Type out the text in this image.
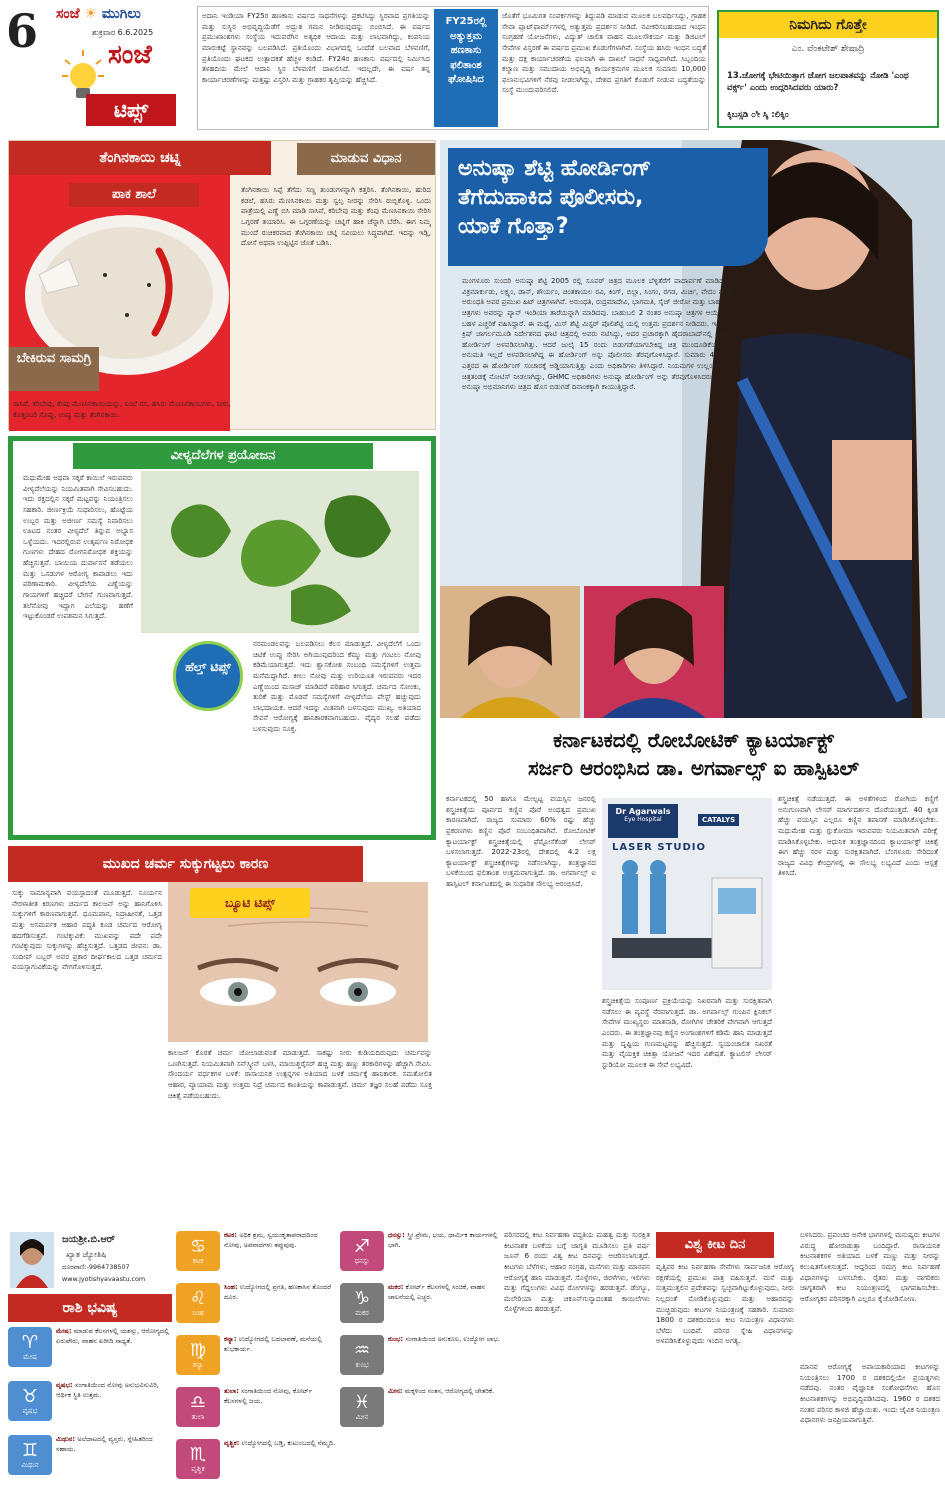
6 ಸಂಜೆ ☀ ಮುಗಿಲು
ಶುಕ್ರವಾರ 6.6.2025
ಸಂಜೆ
ಟಿಪ್ಸ್
ಅದಾನಿ ಇಂಡಿಯಾ FY25ರ ಹಣಕಾಸು ವರ್ಷದ ಸಾಧನೆಗಳನ್ನು ಪ್ರಕಟಿಸಿದ್ದು ಸ್ಥಿರವಾದ ಪ್ರಗತಿಯನ್ನು ಮತ್ತು ಸುಸ್ಥಿರ ಅಭಿವೃದ್ಧಿಯೆಡೆಗೆ ಅದ್ಭುತ ಗಮನ ನೀಡಿರುವುದನ್ನು ಬಿಂಬಿಸಿದೆ. ಈ ವರ್ಷದ ಪ್ರಮುಖಾಂಶಗಳು ಸಂಸ್ಥೆಯ ಇದುವರೆಗಿನ ಅತ್ಯಧಿಕ ಆದಾಯ ಮತ್ತು ಲಾಭವಾಗಿದ್ದು, ಕಂಪನಿಯ ಮಾರುಕಟ್ಟೆ ಸ್ಥಾನವನ್ನು ಬಲಪಡಿಸಿದೆ. ಪ್ರತಿಯೊಂದು ವಿಭಾಗದಲ್ಲಿ ಒಂದೆಡೆ ಬಲವಾದ ಬೆಳವಣಿಗೆ, ಪ್ರತಿಯೊಂದು ಘಟಕದ ಉತ್ಪಾದಕತೆ ಹೆಚ್ಚಳ ಕಂಡಿದೆ. FY24ರ ಹಣಕಾಸು ವರ್ಷದಲ್ಲಿ ನಿರ್ಮಿಸಿದ ತಳಹದಿಯ ಮೇಲೆ ಆದಾನಿ ಸ್ಥಿರ ಬೆಳವಣಿಗೆ ದಾಖಲಿಸಿದೆ. ಇದಲ್ಲದೇ, ಈ ವರ್ಷ ತನ್ನ ಕಾರ್ಯಾಚರಣೆಗಳನ್ನು ಮತ್ತಷ್ಟು ವಿಸ್ತರಿಸಿ ಮತ್ತು ಗ್ರಾಹಕರ ತೃಪ್ತಿಯನ್ನು ಹೆಚ್ಚಿಸಿದೆ.
FY25ರಲ್ಲಿ ಅತ್ಯುತ್ತಮ ಹಣಕಾಸು ಫಲಿತಾಂಶ ಘೋಷಿಸಿದ
ಜೊತೆಗೆ ಭೂಮಿಗತ ಸಂಪರ್ಕಗಳನ್ನು ತಿದ್ದುಪಡಿ ಮಾಡುವ ಮೂಲಕ ಬಲವರ್ಧಿಸಿದ್ದು, ಗ್ರಾಹಕ ಸೇವಾ ಪ್ಲಾಟ್‌ಫಾರ್ಮ್‌ಗಳಲ್ಲಿ ಅತ್ಯುತ್ತಮ ಪ್ರದರ್ಶನ ನೀಡಿದೆ. ನವೀಕರಿಸಬಹುದಾದ ಇಂಧನ ಸಂಗ್ರಹಣೆ ಯೋಜನೆಗಳು, ವಿದ್ಯುತ್ ಚಾಲಿತ ವಾಹನ ಮೂಲಸೌಕರ್ಯ ಮತ್ತು ಡಿಜಿಟಲ್ ಸೇವೆಗಳ ವಿಸ್ತರಣೆ ಈ ವರ್ಷದ ಪ್ರಮುಖ ಕೊಡುಗೆಗಳಾಗಿವೆ. ಸಂಸ್ಥೆಯ ಹಸಿರು ಇಂಧನ ಬದ್ಧತೆ ಮತ್ತು ದಕ್ಷ ಕಾರ್ಯಾಚರಣೆಯ ಫಲವಾಗಿ ಈ ದಾಖಲೆ ಸಾಧನೆ ಸಾಧ್ಯವಾಗಿದೆ. ಸಿಬ್ಬಂದಿಯ ಕಲ್ಯಾಣ ಮತ್ತು ಸಮುದಾಯ ಅಭಿವೃದ್ಧಿ ಕಾರ್ಯಕ್ರಮಗಳ ಮೂಲಕ ಸುಮಾರು 10,000 ಫಲಾನುಭವಿಗಳಿಗೆ ನೆರವು ನೀಡಲಾಗಿದ್ದು, ದೇಶದ ಪ್ರಗತಿಗೆ ಕೊಡುಗೆ ನೀಡುವ ಬದ್ಧತೆಯನ್ನು ಸಂಸ್ಥೆ ಮುಂದುವರಿಸಲಿದೆ.
ನಿಮಗಿದು ಗೊತ್ತೇ
ಎಂ. ವೆಂಕಟೇಶ್ ಶೇಷಾದ್ರಿ
13.ಜೋಗಕ್ಕೆ ಭೇಟಿಯಿತ್ತಾಗ ಜೋಗ ಜಲಪಾತವನ್ನು ನೋಡಿ 'ಎಂಥ ವರ್ಕ್ಸ್' ಎಂದು ಉದ್ಗರಿಸಿದವರು ಯಾರು?
ಕ್ಕಿಬಸ್ಸಡಿ ೦ೀ ಸ್ಕಿ :ಲಿಕ್ಕಿಂ
ತೆಂಗಿನಕಾಯಿ ಚಟ್ನಿ	ಮಾಡುವ ವಿಧಾನ
ಪಾಕ ಶಾಲೆ
ಬೇಕಿರುವ ಸಾಮಗ್ರಿ
ಸಾಸಿವೆ, ಕರಿಬೇವು, ಕೆಂಪು ಮೆಣಸಿನಕಾಯಿಯನ್ನು, ನಿಂಬೆ ರಸ, ಹಸಿರು ಮೆಣಸಿನಕಾಯಿಗಳು, ನೀರು, ಕೊತ್ತಂಬರಿ ಸೊಪ್ಪು, ಉಪ್ಪು ಮತ್ತು ತೆಂಗಿನಕಾಯಿ.
ತೆಂಗಿನಕಾಯಿ ಸಿಪ್ಪೆ ತೆಗೆದು ಸಣ್ಣ ತುಂಡುಗಳನ್ನಾಗಿ ಕತ್ತರಿಸಿ. ತೆಂಗಿನಕಾಯಿ, ಹುರಿದ ಕಡಲೆ, ಹಸಿರು ಮೆಣಸಿನಕಾಯಿ ಮತ್ತು ಸ್ವಲ್ಪ ನೀರನ್ನು ಸೇರಿಸಿ ರುಬ್ಬಿಕೊಳ್ಳಿ. ಒಂದು ಪಾತ್ರೆಯಲ್ಲಿ ಎಣ್ಣೆ ಬಿಸಿ ಮಾಡಿ ಸಾಸಿವೆ, ಕರಿಬೇವು ಮತ್ತು ಕೆಂಪು ಮೆಣಸಿನಕಾಯಿ ಸೇರಿಸಿ ಒಗ್ಗರಣೆ ತಯಾರಿಸಿ. ಈ ಒಗ್ಗರಣೆಯನ್ನು ಚಟ್ನಿಗೆ ಹಾಕಿ ಚೆನ್ನಾಗಿ ಬೆರೆಸಿ. ಈಗ ನಿಮ್ಮ ಮುಂದೆ ರುಚಿಕರವಾದ ತೆಂಗಿನಕಾಯಿ ಚಟ್ನಿ ಸವಿಯಲು ಸಿದ್ಧವಾಗಿದೆ. ಇದನ್ನು ಇಡ್ಲಿ, ದೋಸೆ ಅಥವಾ ಉಪ್ಪಿಟ್ಟಿನ ಜೊತೆ ಬಡಿಸಿ.
ಅನುಷ್ಕಾ ಶೆಟ್ಟಿ ಹೋರ್ಡಿಂಗ್
ತೆಗೆದುಹಾಕಿದ ಪೊಲೀಸರು,
ಯಾಕೆ ಗೊತ್ತಾ?
ಮಂಗಳೂರು ಸುಂದರಿ ಅನುಷ್ಕಾ ಶೆಟ್ಟಿ 2005 ರಲ್ಲಿ ಸೂಪರ್ ಚಿತ್ರದ ಮೂಲಕ ಬೆಳ್ಳಿತೆರೆಗೆ ಪಾದಾರ್ಪಣೆ ಮಾಡಿದರು. ವಿಕ್ರಮಾರ್ಕುಡು, ಲಕ್ಷ್ಯಂ, ಡಾನ್, ಶೌರ್ಯಂ, ಚಿಂತಕಾಯಲ ರವಿ, ಕಿಂಗ್, ಬಿಲ್ಲಾ, ಸಿಂಗಂ, ರಗಡ, ಮಿರ್ಚಿ, ವೇದಂ ಮತ್ತು ಅರುಂಧತಿ ಅವರ ಪ್ರಮುಖ ಹಿಟ್ ಚಿತ್ರಗಳಾಗಿವೆ. ಅರುಂಧತಿ, ರುದ್ರಮಾದೇವಿ, ಭಾಗಮತಿ, ಸೈಜ್ ಜೀರೋ ಮತ್ತು ಬಾಹುಬಲಿ ಚಿತ್ರಗಳು ಅವರನ್ನು ಪ್ಯಾನ್ ಇಂಡಿಯಾ ತಾರೆಯನ್ನಾಗಿ ಮಾಡಿದವು. ಬಾಹುಬಲಿ 2 ನಂತರ ಅನುಷ್ಕಾ ಚಿತ್ರಗಳ ಆಯ್ಕೆಯಲ್ಲಿ ಬಹಳ ಎಚ್ಚರಿಕೆ ವಹಿಸಿದ್ದಾರೆ. ಈ ಮಧ್ಯೆ, ಮಿಸ್ ಶೆಟ್ಟಿ ಮಿಸ್ಟರ್ ಪೊಲಿಶೆಟ್ಟಿ ಯಲ್ಲಿ ಉತ್ತಮ ಪ್ರದರ್ಶನ ನೀಡಿದರು. ಇತ್ತೀಚೆಗೆ ಕ್ರಿಷ್ ಜಾಗರ್ಲಮೂಡಿ ನಿರ್ದೇಶನದ ಘಾಟಿ ಚಿತ್ರದಲ್ಲಿ ಅವರು ನಟಿಸಿದ್ದು, ಅದರ ಪ್ರಚಾರಕ್ಕಾಗಿ ಹೈದರಾಬಾದ್‌ನಲ್ಲಿ ಬೃಹತ್ ಹೋರ್ಡಿಂಗ್ ಅಳವಡಿಸಲಾಗಿತ್ತು. ಆದರೆ ಜುಲೈ 15 ರಂದು ಬಿಡುಗಡೆಯಾಗಬೇಕಿದ್ದ ಚಿತ್ರ ಮುಂದೂಡಿಕೆಯಾಗಿದೆ. ಅನುಮತಿ ಇಲ್ಲದೆ ಅಳವಡಿಸಲಾಗಿದ್ದ ಈ ಹೋರ್ಡಿಂಗ್ ಅನ್ನು ಪೊಲೀಸರು ತೆರವುಗೊಳಿಸಿದ್ದಾರೆ. ಸುಮಾರು 40 ಅಡಿ ಎತ್ತರದ ಈ ಹೋರ್ಡಿಂಗ್ ಸಂಚಾರಕ್ಕೆ ಅಡ್ಡಿಯಾಗುತ್ತಿತ್ತು ಎಂದು ಅಧಿಕಾರಿಗಳು ತಿಳಿಸಿದ್ದಾರೆ. ನಿಯಮಗಳ ಉಲ್ಲಂಘನೆಗಾಗಿ ಚಿತ್ರತಂಡಕ್ಕೆ ನೋಟಿಸ್ ನೀಡಲಾಗಿದ್ದು, GHMC ಅಧಿಕಾರಿಗಳು ಅನುಷ್ಕಾ ಹೋರ್ಡಿಂಗ್ ಅನ್ನು ತೆರವುಗೊಳಿಸಿದರು. ಇದೀಗ ಅನುಷ್ಕಾ ಅಭಿಮಾನಿಗಳು ಚಿತ್ರದ ಹೊಸ ಬಿಡುಗಡೆ ದಿನಾಂಕಕ್ಕಾಗಿ ಕಾಯುತ್ತಿದ್ದಾರೆ.
ವೀಳ್ಯದೆಲೆಗಳ ಪ್ರಯೋಜನ
ಹೆಲ್ತ್ ಟಿಪ್ಸ್
ಮಧುಮೇಹ ಅಥವಾ ಸಕ್ಕರೆ ಕಾಯಿಲೆ ಇರುವವರು ವೀಳ್ಯದೆಲೆಯನ್ನು ನಿಯಮಿತವಾಗಿ ಸೇವಿಸಬಹುದು. ಇದು ರಕ್ತದಲ್ಲಿನ ಸಕ್ಕರೆ ಮಟ್ಟವನ್ನು ನಿಯಂತ್ರಿಸಲು ಸಹಕಾರಿ. ಜೀರ್ಣಕ್ರಿಯೆ ಸುಧಾರಿಸಲು, ಹೊಟ್ಟೆಯ ಉಬ್ಬರ ಮತ್ತು ಅಜೀರ್ಣ ಸಮಸ್ಯೆ ನಿವಾರಿಸಲು ಊಟದ ನಂತರ ವೀಳ್ಯದೆಲೆ ತಿನ್ನುವ ಅಭ್ಯಾಸ ಒಳ್ಳೆಯದು. ಇದರಲ್ಲಿರುವ ಉತ್ಕರ್ಷಣ ನಿರೋಧಕ ಗುಣಗಳು ದೇಹದ ರೋಗನಿರೋಧಕ ಶಕ್ತಿಯನ್ನು ಹೆಚ್ಚಿಸುತ್ತವೆ. ಬಾಯಿಯ ದುರ್ವಾಸನೆ ತಡೆಯಲು ಮತ್ತು ಒಸಡುಗಳ ಆರೋಗ್ಯ ಕಾಪಾಡಲು ಇದು ಪರಿಣಾಮಕಾರಿ. ವೀಳ್ಯದೆಲೆಯ ಎಣ್ಣೆಯನ್ನು ಗಾಯಗಳಿಗೆ ಹಚ್ಚಿದರೆ ಬೇಗನೆ ಗುಣವಾಗುತ್ತದೆ. ತಲೆನೋವು ಇದ್ದಾಗ ಎಲೆಯನ್ನು ಹಣೆಗೆ ಇಟ್ಟುಕೊಂಡರೆ ಉಪಶಮನ ಸಿಗುತ್ತದೆ.
ನರಮಂಡಲವನ್ನು ಬಲಪಡಿಸಲು ಕೆಲಸ ಮಾಡುತ್ತದೆ. ವೀಳ್ಯದೆಲೆಗೆ ಒಂದು ಚಿಟಿಕೆ ಉಪ್ಪು ಸೇರಿಸಿ ಅಗಿಯುವುದರಿಂದ ಕೆಮ್ಮು ಮತ್ತು ಗಂಟಲು ನೋವು ಕಡಿಮೆಯಾಗುತ್ತದೆ. ಇದು ಶ್ವಾಸಕೋಶ ಸಂಬಂಧಿ ಸಮಸ್ಯೆಗಳಿಗೆ ಉತ್ತಮ ಮನೆಮದ್ದಾಗಿದೆ. ಕೀಲು ನೋವು ಮತ್ತು ಉರಿಯೂತ ಇರುವವರು ಇದರ ಎಣ್ಣೆಯಿಂದ ಮಸಾಜ್ ಮಾಡಿದರೆ ಪರಿಹಾರ ಸಿಗುತ್ತದೆ. ಚರ್ಮದ ಸೋಂಕು, ತುರಿಕೆ ಮತ್ತು ಮೊಡವೆ ಸಮಸ್ಯೆಗಳಿಗೆ ವೀಳ್ಯದೆಲೆಯ ಪೇಸ್ಟ್ ಹಚ್ಚುವುದು ಲಾಭದಾಯಕ. ಆದರೆ ಇದನ್ನು ಮಿತವಾಗಿ ಬಳಸುವುದು ಮುಖ್ಯ. ಅತಿಯಾದ ಸೇವನೆ ಆರೋಗ್ಯಕ್ಕೆ ಹಾನಿಕಾರಕವಾಗಬಹುದು. ವೈದ್ಯರ ಸಲಹೆ ಪಡೆದು ಬಳಸುವುದು ಸೂಕ್ತ.
ಮುಖದ ಚರ್ಮ ಸುಕ್ಕುಗಟ್ಟಲು ಕಾರಣ
ಬ್ಯೂಟಿ ಟಿಪ್ಸ್
ಸುಕ್ಕು ಸಾಮಾನ್ಯವಾಗಿ ವಯಸ್ಸಾದಂತೆ ಮೂಡುತ್ತದೆ. ಸೂರ್ಯನ ನೇರಳಾತೀತ ಕಿರಣಗಳು ಚರ್ಮದ ಕಾಲಜನ್ ಅನ್ನು ಹಾನಿಗೊಳಿಸಿ ಸುಕ್ಕುಗಳಿಗೆ ಕಾರಣವಾಗುತ್ತವೆ. ಧೂಮಪಾನ, ನಿದ್ರಾಹೀನತೆ, ಒತ್ತಡ ಮತ್ತು ಅಸಮರ್ಪಕ ಆಹಾರ ಪದ್ಧತಿ ಕೂಡ ಚರ್ಮದ ಆರೋಗ್ಯ ಹದಗೆಡಿಸುತ್ತವೆ. ಗಂಟಿಕ್ಕುವಿಕೆ: ಮುಖವನ್ನು ಪದೇ ಪದೇ ಗಂಟಿಕ್ಕುವುದು ಸುಕ್ಕುಗಳನ್ನು ಹೆಚ್ಚಿಸುತ್ತದೆ. ಒತ್ತಡದ ಜೀವನ: ಡಾ. ಸಂದೀಪ್ ಬಬ್ಬರ್ ಅವರ ಪ್ರಕಾರ ದೀರ್ಘಕಾಲದ ಒತ್ತಡ ಚರ್ಮದ ವಯಸ್ಸಾಗುವಿಕೆಯನ್ನು ವೇಗಗೊಳಿಸುತ್ತದೆ.
ಕಾಲಜನ್ ಕೊರತೆ ಚರ್ಮ ಜೋಲಾಡುವಂತೆ ಮಾಡುತ್ತದೆ. ಸಾಕಷ್ಟು ನೀರು ಕುಡಿಯದಿರುವುದು ಚರ್ಮವನ್ನು ಒಣಗಿಸುತ್ತದೆ. ನಿಯಮಿತವಾಗಿ ಸನ್‌ಸ್ಕ್ರೀನ್ ಬಳಸಿ, ಮಾಯಿಶ್ಚರೈಸರ್ ಹಚ್ಚಿ ಮತ್ತು ಹಣ್ಣು ತರಕಾರಿಗಳನ್ನು ಹೆಚ್ಚಾಗಿ ಸೇವಿಸಿ. ಸೌಂದರ್ಯ ವರ್ಧಕಗಳ ಬಳಕೆ: ರಾಸಾಯನಿಕ ಉತ್ಪನ್ನಗಳ ಅತಿಯಾದ ಬಳಕೆ ಚರ್ಮಕ್ಕೆ ಹಾನಿಕಾರಕ. ಸಮತೋಲಿತ ಆಹಾರ, ವ್ಯಾಯಾಮ ಮತ್ತು ಉತ್ತಮ ನಿದ್ರೆ ಚರ್ಮದ ಕಾಂತಿಯನ್ನು ಕಾಪಾಡುತ್ತವೆ. ಚರ್ಮ ತಜ್ಞರ ಸಲಹೆ ಪಡೆದು ಸೂಕ್ತ ಚಿಕಿತ್ಸೆ ಪಡೆಯಬಹುದು.
ಕರ್ನಾಟಕದಲ್ಲಿ ರೋಬೋಟಿಕ್ ಕ್ಯಾಟರ್ಯಾಕ್ಟ್
ಸರ್ಜರಿ ಆರಂಭಿಸಿದ ಡಾ. ಅಗರ್ವಾಲ್ಸ್ ಐ ಹಾಸ್ಪಿಟಲ್
ಕರ್ನಾಟಕದಲ್ಲಿ 50 ಹಾಗೂ ಮೇಲ್ಪಟ್ಟ ವಯಸ್ಸಿನ ಜನರಲ್ಲಿ ಶಸ್ತ್ರಚಿಕಿತ್ಸೆಯ ಪೂರ್ವದ ಕಣ್ಣಿನ ಪೊರೆ ಅಂಧತ್ವದ ಪ್ರಮುಖ ಕಾರಣವಾಗಿದೆ. ರಾಜ್ಯದ ಸುಮಾರು 60% ರಷ್ಟು ಹೆಚ್ಚು ಪ್ರಕರಣಗಳು ಕಣ್ಣಿನ ಪೊರೆ ಸಂಬಂಧಿತವಾಗಿವೆ. ರೋಬೋಟಿಕ್ ಕ್ಯಾಟರ್ಯಾಕ್ಟ್ ಶಸ್ತ್ರಚಿಕಿತ್ಸೆಯಲ್ಲಿ ಫೆಮ್ಟೋಸೆಕೆಂಡ್ ಲೇಸರ್ ಬಳಸಲಾಗುತ್ತದೆ. 2022-23ರಲ್ಲಿ ದೇಶದಲ್ಲಿ 4.2 ಲಕ್ಷ ಕ್ಯಾಟರ್ಯಾಕ್ಟ್ ಶಸ್ತ್ರಚಿಕಿತ್ಸೆಗಳನ್ನು ನಡೆಸಲಾಗಿದ್ದು, ತಂತ್ರಜ್ಞಾನದ ಬಳಕೆಯಿಂದ ಫಲಿತಾಂಶ ಉತ್ತಮವಾಗುತ್ತಿದೆ. ಡಾ. ಅಗರ್ವಾಲ್ಸ್ ಐ ಹಾಸ್ಪಿಟಲ್ ಕರ್ನಾಟಕದಲ್ಲಿ ಈ ಸುಧಾರಿತ ಸೌಲಭ್ಯ ಆರಂಭಿಸಿದೆ.
Dr Agarwals
Eye Hospital	CATALYS
LASER STUDIO
ಶಸ್ತ್ರಚಿಕಿತ್ಸೆಯ ಸಂಪೂರ್ಣ ಪ್ರಕ್ರಿಯೆಯನ್ನು ನಿಖರವಾಗಿ ಮತ್ತು ಸುರಕ್ಷಿತವಾಗಿ ನಡೆಸಲು ಈ ವ್ಯವಸ್ಥೆ ನೆರವಾಗುತ್ತದೆ. ಡಾ. ಅಗರ್ವಾಲ್ಸ್ ಗುಂಪಿನ ಕ್ಲಿನಿಕಲ್ ಸೇವೆಗಳ ಮುಖ್ಯಸ್ಥರು ಮಾತನಾಡಿ, ರೋಗಿಗಳ ಚೇತರಿಕೆ ವೇಗವಾಗಿ ಆಗುತ್ತದೆ ಎಂದರು. ಈ ತಂತ್ರಜ್ಞಾನವು ಕಣ್ಣಿನ ಅಂಗಾಂಶಗಳಿಗೆ ಕಡಿಮೆ ಹಾನಿ ಮಾಡುತ್ತದೆ ಮತ್ತು ದೃಷ್ಟಿಯ ಗುಣಮಟ್ಟವನ್ನು ಹೆಚ್ಚಿಸುತ್ತದೆ. ಸ್ವಯಂಚಾಲಿತ ನಿಖರತೆ ಮತ್ತು ವೈಯಕ್ತಿಕ ಚಿಕಿತ್ಸಾ ಯೋಜನೆ ಇದರ ವಿಶೇಷತೆ. ಕ್ಯಾಟಲಿಸ್ ಲೇಸರ್ ಸ್ಟುಡಿಯೋ ಮೂಲಕ ಈ ಸೇವೆ ಲಭ್ಯವಿದೆ.
ಶಸ್ತ್ರಚಿಕಿತ್ಸೆ ನಡೆಯುತ್ತದೆ. ಈ ಅಳತೆಗಳಿಂದ ರೋಗಿಯ ಕಣ್ಣಿಗೆ ಅನುಗುಣವಾಗಿ ಲೇಸರ್ ಮಾರ್ಗದರ್ಶನ ದೊರೆಯುತ್ತದೆ. 40 ಕ್ಕಿಂತ ಹೆಚ್ಚು ವಯಸ್ಸಿನ ಎಲ್ಲರೂ ಕಣ್ಣಿನ ತಪಾಸಣೆ ಮಾಡಿಸಿಕೊಳ್ಳಬೇಕು. ಮಧುಮೇಹ ಮತ್ತು ಗ್ಲುಕೋಮಾ ಇರುವವರು ನಿಯಮಿತವಾಗಿ ಪರೀಕ್ಷೆ ಮಾಡಿಸಿಕೊಳ್ಳಬೇಕು. ಆಧುನಿಕ ತಂತ್ರಜ್ಞಾನದಿಂದ ಕ್ಯಾಟರ್ಯಾಕ್ಟ್ ಚಿಕಿತ್ಸೆ ಈಗ ಹೆಚ್ಚು ಸರಳ ಮತ್ತು ಸುರಕ್ಷಿತವಾಗಿದೆ. ಬೆಂಗಳೂರು ಸೇರಿದಂತೆ ರಾಜ್ಯದ ವಿವಿಧ ಕೇಂದ್ರಗಳಲ್ಲಿ ಈ ಸೌಲಭ್ಯ ಲಭ್ಯವಿದೆ ಎಂದು ಆಸ್ಪತ್ರೆ ತಿಳಿಸಿದೆ.
ಜಯಶ್ರೀ.ಬಿ.ಆರ್
ಖ್ಯಾತ ಜ್ಯೋತಿಷಿ
ದೂರವಾಣಿ:-9964738507
www.jyotishyavaastu.com
ರಾಶಿ ಭವಿಷ್ಯ
♈
ಮೇಷ
ಮೇಷ: ಮಾಡುವ ಕೆಲಸಗಳಲ್ಲಿ ಯಶಸ್ಸು, ಆರೋಗ್ಯದಲ್ಲಿ ಏರುಪೇರು, ವಾಹನ ಖರೀದಿ ಸಾಧ್ಯತೆ.
♉
ವೃಷಭ
ವೃಷಭ: ಸಂಗಾತಿಯಿಂದ ನೋವು ಅನುಭವಿಸುವಿರಿ, ಆರ್ಥಿಕ ಸ್ಥಿತಿ ಉತ್ತಮ.
♊
ಮಿಥುನ
ಮಿಥುನ: ಅಲೆದಾಟದಲ್ಲಿ ವ್ಯಸ್ತರು, ಸ್ನೇಹಿತರಿಂದ ಸಹಾಯ.
♋
ಕಟಕ
ಕಟಕ: ಅಧಿಕ ಶ್ರಮ, ಸ್ವಯಂಕೃತಾಪರಾಧದಿಂದ ನೋವು, ಅಪವಾದಗಳು ತಪ್ಪುವುವು.
♌
ಸಿಂಹ
ಸಿಂಹ: ಉದ್ಯೋಗದಲ್ಲಿ ಪ್ರಗತಿ, ಹಣಕಾಸಿನ ತೊಂದರೆ ದೂರ.
♍
ಕನ್ಯಾ
ಕನ್ಯಾ: ಉದ್ಯೋಗದಲ್ಲಿ ಬದಲಾವಣೆ, ಮನೆಯಲ್ಲಿ ಶುಭಕಾರ್ಯ.
♎
ತುಲಾ
ತುಲಾ: ಸಂಗಾತಿಯಿಂದ ನೋವು, ಕೋರ್ಟ್ ಕೆಲಸಗಳಲ್ಲಿ ಜಯ.
♏
ವೃಶ್ಚಿಕ
ವೃಶ್ಚಿಕ: ಉದ್ಯೋಗದಲ್ಲಿ ಬಡ್ತಿ, ಕುಟುಂಬದಲ್ಲಿ ನೆಮ್ಮದಿ.
♐
ಧನಸ್ಸು
ಧನಸ್ಸು: ಸ್ತ್ರೀ ಪ್ರೇಮ, ಭಯ, ಧಾರ್ಮಿಕ ಕಾರ್ಯಗಳಲ್ಲಿ ಭಾಗಿ.
♑
ಮಕರ
ಮಕರ: ಕೋರ್ಟ್ ಕೆಲಸಗಳಲ್ಲಿ ಸಂಚಿಕೆ, ವಾಹನ ಚಾಲನೆಯಲ್ಲಿ ಎಚ್ಚರ.
♒
ಕುಂಭ
ಕುಂಭ: ಸಂಗಾತಿಯಿಂದ ಅನುಕೂಲ, ಉದ್ಯೋಗ ಲಾಭ.
♓
ಮೀನ
ಮೀನ: ಮಕ್ಕಳಿಂದ ಸಂತಸ, ಆರೋಗ್ಯದಲ್ಲಿ ಚೇತರಿಕೆ.
ಪರಿಸರದಲ್ಲಿ ಕೀಟ ನಿರ್ವಹಣಾ ಪದ್ಧತಿಯ ಮಹತ್ವ ಮತ್ತು ಸುರಕ್ಷಿತ ಕೀಟನಾಶಕ ಬಳಕೆಯ ಬಗ್ಗೆ ಜಾಗೃತಿ ಮೂಡಿಸಲು ಪ್ರತಿ ವರ್ಷ ಜೂನ್ 6 ರಂದು ವಿಶ್ವ ಕೀಟ ದಿನವನ್ನು ಆಚರಿಸಲಾಗುತ್ತದೆ. ಕೀಟಗಳು ಬೆಳೆಗಳು, ಆಹಾರ ಸಂಗ್ರಹ, ಮನೆಗಳು ಮತ್ತು ಮಾನವನ ಆರೋಗ್ಯಕ್ಕೆ ಹಾನಿ ಮಾಡುತ್ತವೆ. ಸೊಳ್ಳೆಗಳು, ಜಿರಳೆಗಳು, ಇಲಿಗಳು ಮತ್ತು ಗೆದ್ದಲುಗಳು ವಿವಿಧ ರೋಗಗಳನ್ನು ಹರಡುತ್ತವೆ. ಡೆಂಗ್ಯೂ, ಮಲೇರಿಯಾ ಮತ್ತು ಚಿಕೂನ್‌ಗುನ್ಯಾದಂತಹ ಕಾಯಿಲೆಗಳು ಸೊಳ್ಳೆಗಳಿಂದ ಹರಡುತ್ತವೆ.
ವಿಶ್ವ ಕೀಟ ದಿನ
ವೃತ್ತಿಪರ ಕೀಟ ನಿರ್ವಹಣಾ ಸೇವೆಗಳು ಸಾರ್ವಜನಿಕ ಆರೋಗ್ಯ ರಕ್ಷಣೆಯಲ್ಲಿ ಪ್ರಮುಖ ಪಾತ್ರ ವಹಿಸುತ್ತವೆ. ಮನೆ ಮತ್ತು ಸುತ್ತಮುತ್ತಲಿನ ಪ್ರದೇಶವನ್ನು ಸ್ವಚ್ಛವಾಗಿಟ್ಟುಕೊಳ್ಳುವುದು, ನೀರು ನಿಲ್ಲದಂತೆ ನೋಡಿಕೊಳ್ಳುವುದು ಮತ್ತು ಆಹಾರವನ್ನು ಮುಚ್ಚಿಡುವುದು ಕೀಟಗಳ ನಿಯಂತ್ರಣಕ್ಕೆ ಸಹಕಾರಿ. ಸುಮಾರು 1800 ರ ದಶಕದಿಂದಲೂ ಕೀಟ ನಿಯಂತ್ರಣ ವಿಧಾನಗಳು ಬೆಳೆದು ಬಂದಿವೆ. ಪರಿಸರ ಸ್ನೇಹಿ ವಿಧಾನಗಳನ್ನು ಅಳವಡಿಸಿಕೊಳ್ಳುವುದು ಇಂದಿನ ಅಗತ್ಯ.
ಬಳಸಿದರು. ಪ್ರಪಂಚದ ಅನೇಕ ಭಾಗಗಳಲ್ಲಿ ಮನುಷ್ಯರು ಕೀಟಗಳ ವಿರುದ್ಧ ಹೋರಾಡುತ್ತಾ ಬಂದಿದ್ದಾರೆ. ರಾಸಾಯನಿಕ ಕೀಟನಾಶಕಗಳ ಅತಿಯಾದ ಬಳಕೆ ಮಣ್ಣು ಮತ್ತು ನೀರನ್ನು ಕಲುಷಿತಗೊಳಿಸುತ್ತದೆ. ಆದ್ದರಿಂದ ಸಮಗ್ರ ಕೀಟ ನಿರ್ವಹಣೆ ವಿಧಾನಗಳನ್ನು ಬಳಸಬೇಕು. ರೈತರು ಮತ್ತು ನಾಗರಿಕರು ಜಾಗೃತರಾಗಿ ಕೀಟ ನಿಯಂತ್ರಣದಲ್ಲಿ ಭಾಗವಹಿಸಬೇಕು. ಆರೋಗ್ಯಕರ ಪರಿಸರಕ್ಕಾಗಿ ಎಲ್ಲರೂ ಕೈಜೋಡಿಸೋಣ.
ಮಾನವ ಆರೋಗ್ಯಕ್ಕೆ ಅಪಾಯಕಾರಿಯಾದ ಕೀಟಗಳನ್ನು ನಿಯಂತ್ರಿಸಲು 1700 ರ ದಶಕದಲ್ಲಿಯೇ ಪ್ರಯತ್ನಗಳು ನಡೆದವು. ನಂತರ ವೈಜ್ಞಾನಿಕ ಸಂಶೋಧನೆಗಳು ಹೊಸ ಕೀಟನಾಶಕಗಳನ್ನು ಅಭಿವೃದ್ಧಿಪಡಿಸಿದವು. 1960 ರ ದಶಕದ ನಂತರ ಪರಿಸರ ಕಾಳಜಿ ಹೆಚ್ಚಾಯಿತು. ಇಂದು ಜೈವಿಕ ನಿಯಂತ್ರಣ ವಿಧಾನಗಳು ಜನಪ್ರಿಯವಾಗುತ್ತಿವೆ.
